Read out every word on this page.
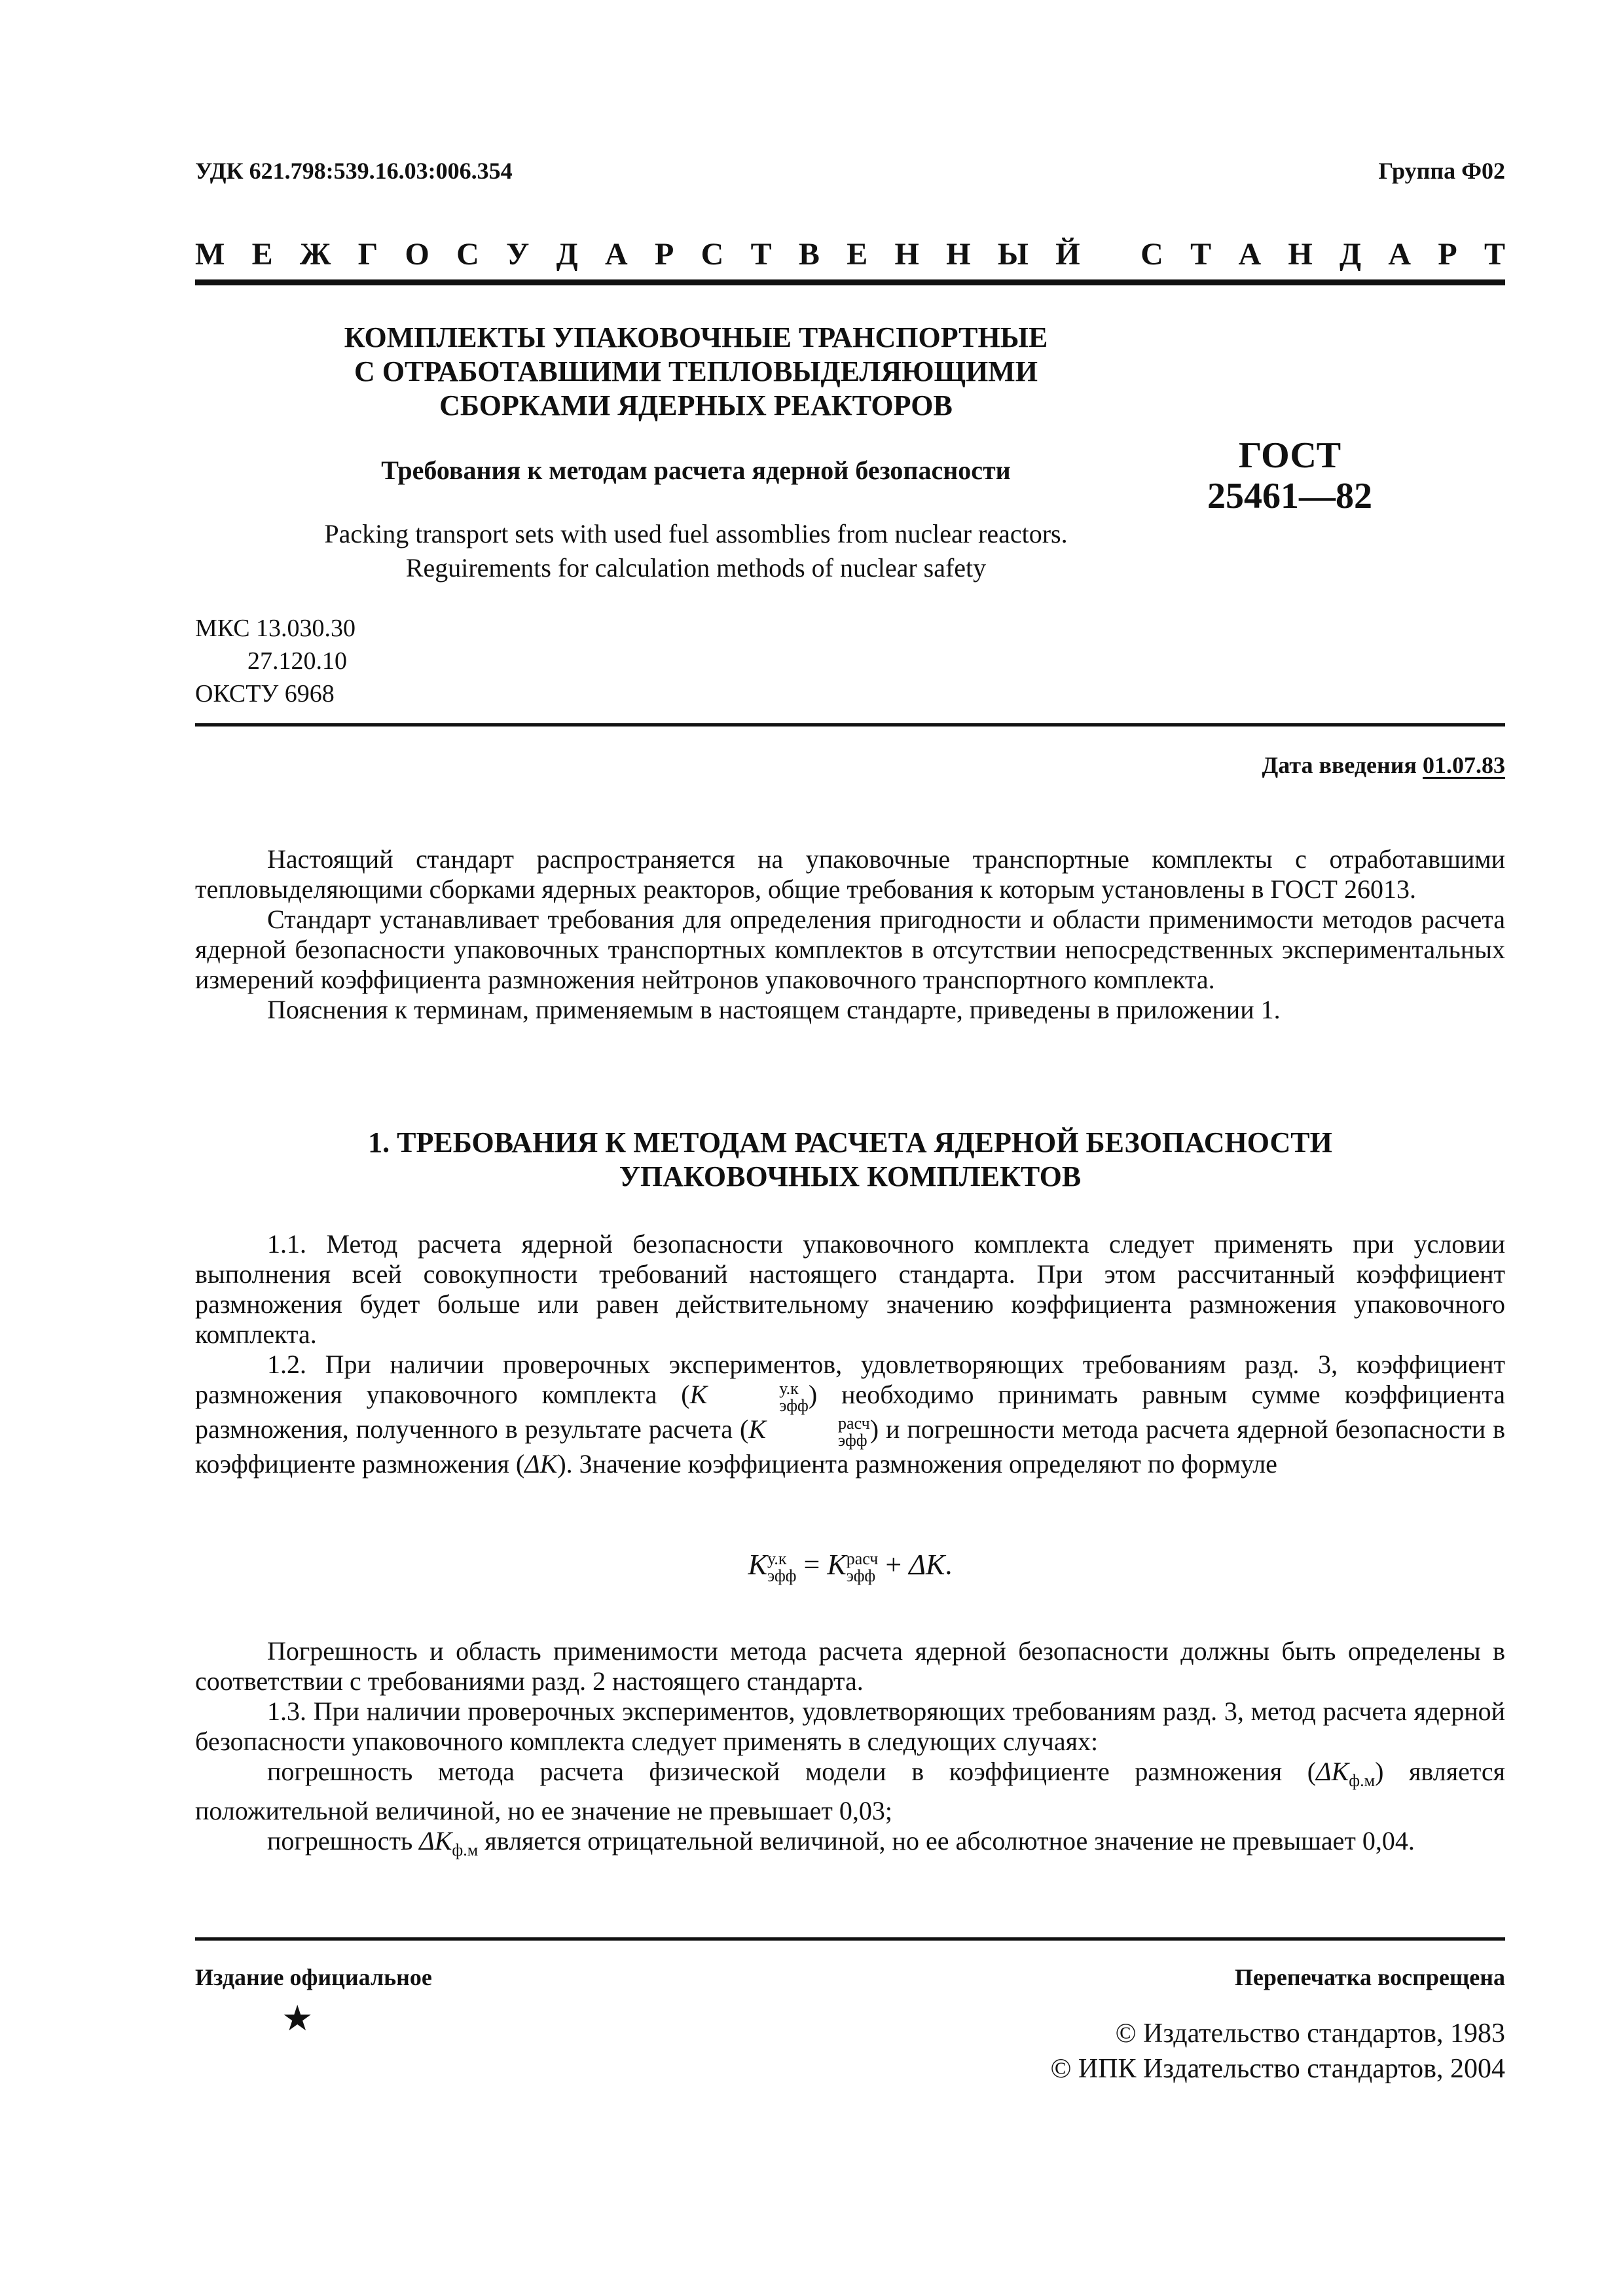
УДК 621.798:539.16.03:006.354	Группа Ф02
М Е Ж Г О С У Д А Р С Т В Е Н Н Ы Й С Т А Н Д А Р Т
КОМПЛЕКТЫ УПАКОВОЧНЫЕ ТРАНСПОРТНЫЕ
С ОТРАБОТАВШИМИ ТЕПЛОВЫДЕЛЯЮЩИМИ
СБОРКАМИ ЯДЕРНЫХ РЕАКТОРОВ
Требования к методам расчета ядерной безопасности	ГОСТ
25461—82
Packing transport sets with used fuel assomblies from nuclear reactors.
Reguirements for calculation methods of nuclear safety
МКС 13.030.30
27.120.10
ОКСТУ 6968
Дата введения 01.07.83

Настоящий стандарт распространяется на упаковочные транспортные комплекты с отработавшими тепловыделяющими сборками ядерных реакторов, общие требования к которым установлены в ГОСТ 26013.

Стандарт устанавливает требования для определения пригодности и области применимости методов расчета ядерной безопасности упаковочных транспортных комплектов в отсутствии непосредственных экспериментальных измерений коэффициента размножения нейтронов упаковочного транспортного комплекта.

Пояснения к терминам, применяемым в настоящем стандарте, приведены в приложении 1.

1. ТРЕБОВАНИЯ К МЕТОДАМ РАСЧЕТА ЯДЕРНОЙ БЕЗОПАСНОСТИ
УПАКОВОЧНЫХ КОМПЛЕКТОВ

1.1. Метод расчета ядерной безопасности упаковочного комплекта следует применять при условии выполнения всей совокупности требований настоящего стандарта. При этом рассчитанный коэффициент размножения будет больше или равен действительному значению коэффициента размножения упаковочного комплекта.

1.2. При наличии проверочных экспериментов, удовлетворяющих требованиям разд. 3, коэффициент размножения упаковочного комплекта (K	у.к
эфф ) необходимо принимать равным сумме коэффициента размножения, полученного в результате расчета (K	расч
эфф ) и погрешности метода расчета ядерной безопасности в коэффициенте размножения (ΔK). Значение коэффициента размножения определяют по формуле

K у.к
эфф = K расч
эфф + ΔK.

Погрешность и область применимости метода расчета ядерной безопасности должны быть определены в соответствии с требованиями разд. 2 настоящего стандарта.

1.3. При наличии проверочных экспериментов, удовлетворяющих требованиям разд. 3, метод расчета ядерной безопасности упаковочного комплекта следует применять в следующих случаях:

погрешность метода расчета физической модели в коэффициенте размножения $(\Delta K_{ф.м})$ является положительной величиной, но ее значение не превышает 0,03;

погрешность $\Delta K_{ф.м}$ является отрицательной величиной, но ее абсолютное значение не превышает 0,04.

Издание официальное	Перепечатка воспрещена
★	© Издательство стандартов, 1983
© ИПК Издательство стандартов, 2004
